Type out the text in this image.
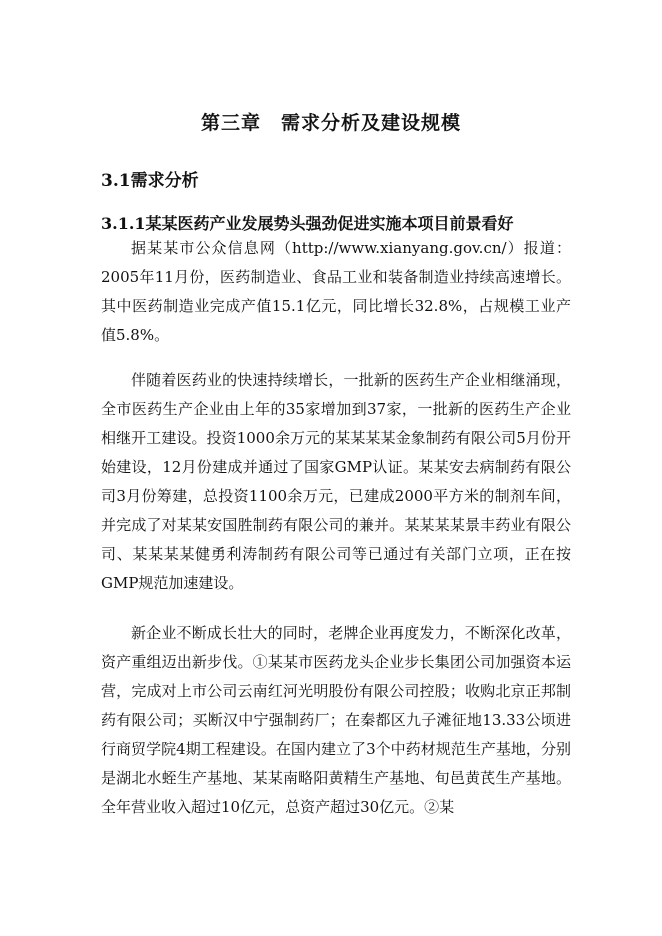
第三章　需求分析及建设规模
3.1需求分析
3.1.1某某医药产业发展势头强劲促进实施本项目前景看好

据某某市公众信息网（http://www.xianyang.gov.cn/）报道：2005年11月份，医药制造业、食品工业和装备制造业持续高速增长。其中医药制造业完成产值15.1亿元，同比增长32.8%，占规模工业产值5.8%。

伴随着医药业的快速持续增长，一批新的医药生产企业相继涌现，全市医药生产企业由上年的35家增加到37家，一批新的医药生产企业相继开工建设。投资1000余万元的某某某某金象制药有限公司5月份开始建设，12月份建成并通过了国家GMP认证。某某安去病制药有限公司3月份筹建，总投资1100余万元，已建成2000平方米的制剂车间，并完成了对某某安国胜制药有限公司的兼并。某某某某景丰药业有限公司、某某某某健勇利涛制药有限公司等已通过有关部门立项，正在按GMP规范加速建设。

新企业不断成长壮大的同时，老牌企业再度发力，不断深化改革，资产重组迈出新步伐。①某某市医药龙头企业步长集团公司加强资本运营，完成对上市公司云南红河光明股份有限公司控股；收购北京正邦制药有限公司；买断汉中宁强制药厂；在秦都区九子滩征地13.33公顷进行商贸学院4期工程建设。在国内建立了3个中药材规范生产基地，分别是湖北水蛭生产基地、某某南略阳黄精生产基地、旬邑黄芪生产基地。全年营业收入超过10亿元，总资产超过30亿元。②某
